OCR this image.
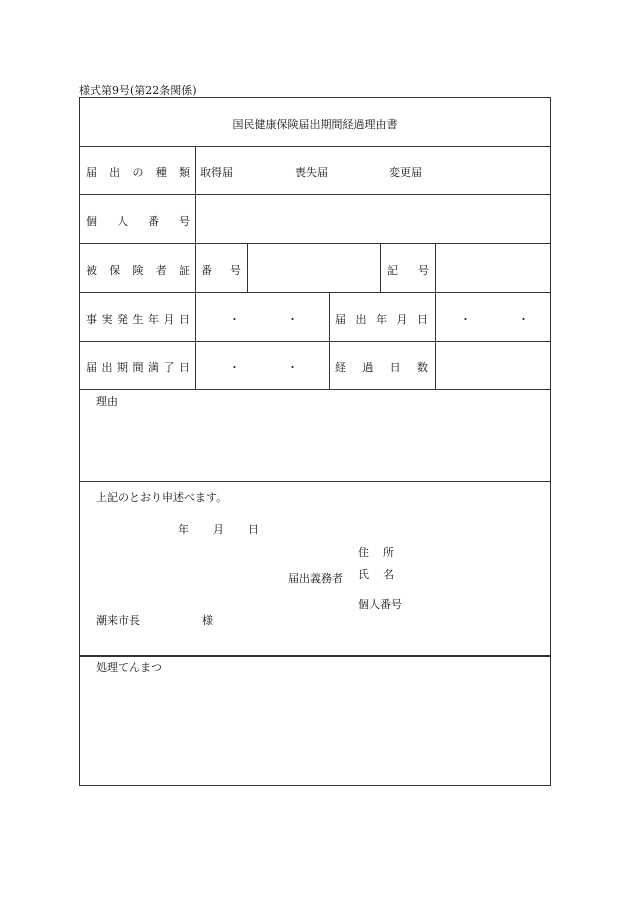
様式第9号(第22条関係)
国民健康保険届出期間経過理由書
届 出 の 種 類 取得届	喪失届	変更届
個 人 番 号
被 保 険 者 証 番 号	記 号
事 実 発 生 年 月 日	・	・	届 出 年 月 日	・	・
届 出 期 間 満 了 日	・	・	経 過 日 数
理由
上記のとおり申述べます。
年 月 日
住 所
届出義務者 氏 名
個人番号
潮来市長	様
処理てんまつ
